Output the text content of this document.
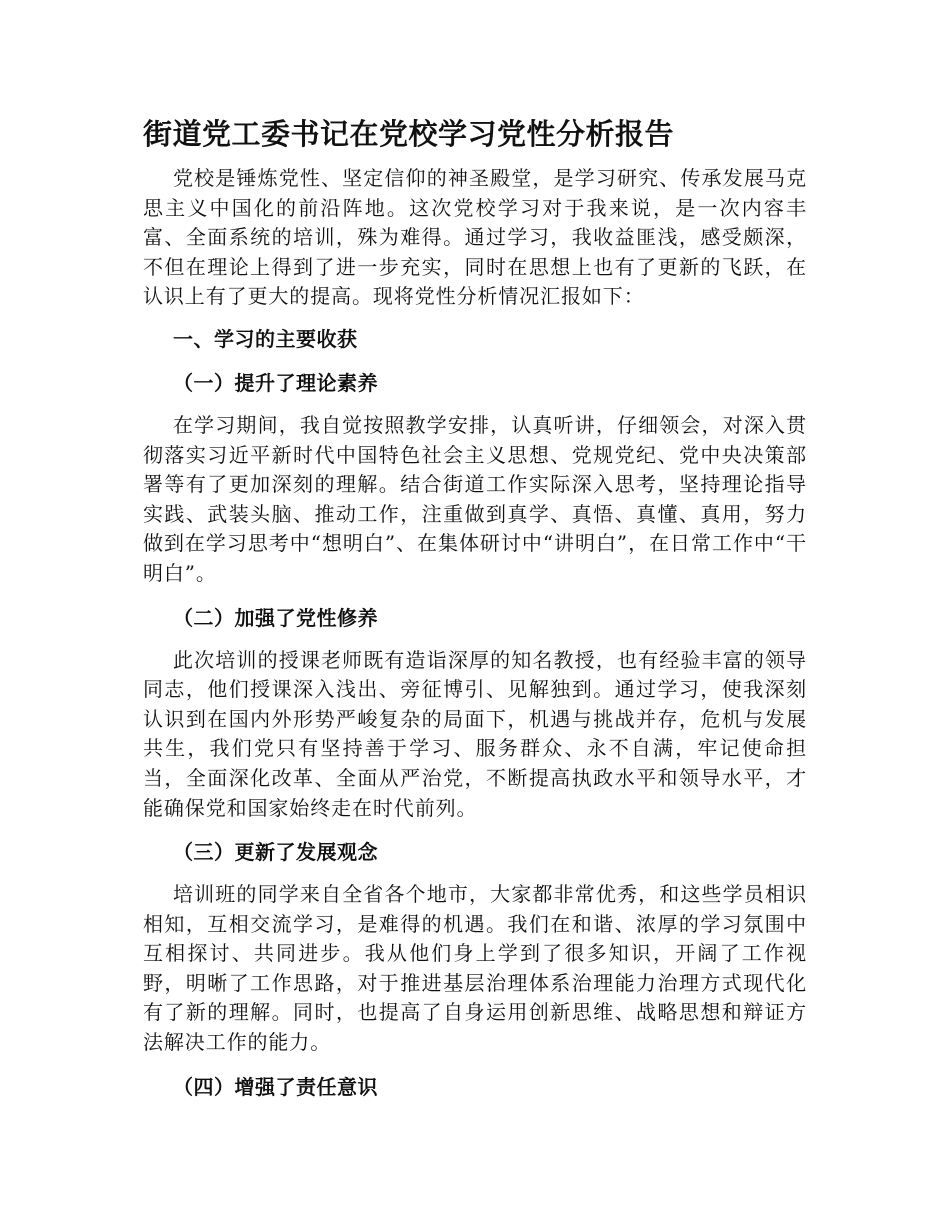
街道党工委书记在党校学习党性分析报告

党校是锤炼党性、坚定信仰的神圣殿堂，是学习研究、传承发展马克思主义中国化的前沿阵地。这次党校学习对于我来说，是一次内容丰富、全面系统的培训，殊为难得。通过学习，我收益匪浅，感受颇深，不但在理论上得到了进一步充实，同时在思想上也有了更新的飞跃，在认识上有了更大的提高。现将党性分析情况汇报如下：

一、学习的主要收获
（一）提升了理论素养

在学习期间，我自觉按照教学安排，认真听讲，仔细领会，对深入贯彻落实习近平新时代中国特色社会主义思想、党规党纪、党中央决策部署等有了更加深刻的理解。结合街道工作实际深入思考，坚持理论指导实践、武装头脑、推动工作，注重做到真学、真悟、真懂、真用，努力做到在学习思考中“想明白”、在集体研讨中“讲明白”，在日常工作中“干明白”。

（二）加强了党性修养

此次培训的授课老师既有造诣深厚的知名教授，也有经验丰富的领导同志，他们授课深入浅出、旁征博引、见解独到。通过学习，使我深刻认识到在国内外形势严峻复杂的局面下，机遇与挑战并存，危机与发展共生，我们党只有坚持善于学习、服务群众、永不自满，牢记使命担当，全面深化改革、全面从严治党，不断提高执政水平和领导水平，才能确保党和国家始终走在时代前列。

（三）更新了发展观念

培训班的同学来自全省各个地市，大家都非常优秀，和这些学员相识相知，互相交流学习，是难得的机遇。我们在和谐、浓厚的学习氛围中互相探讨、共同进步。我从他们身上学到了很多知识，开阔了工作视野，明晰了工作思路，对于推进基层治理体系治理能力治理方式现代化有了新的理解。同时，也提高了自身运用创新思维、战略思想和辩证方法解决工作的能力。

（四）增强了责任意识
